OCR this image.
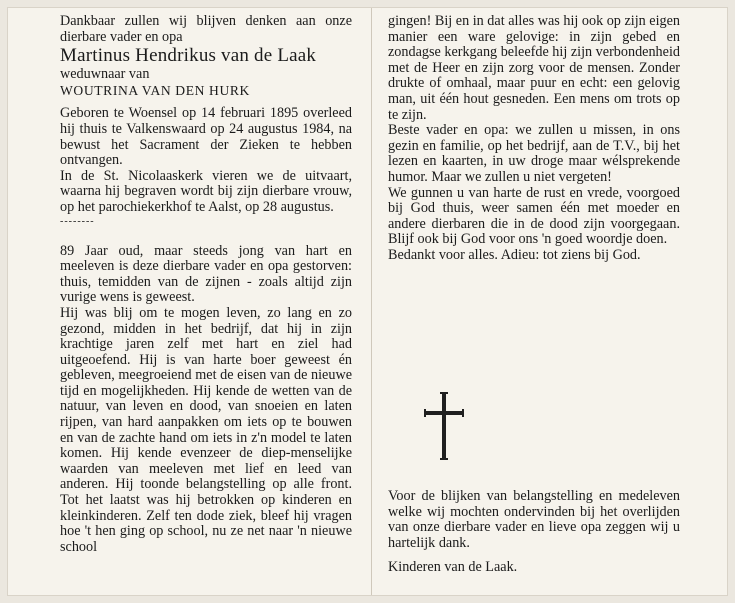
Dankbaar zullen wij blijven denken aan onze dierbare vader en opa

Martinus Hendrikus van de Laak

weduwnaar van

WOUTRINA VAN DEN HURK

Geboren te Woensel op 14 februari 1895 overleed hij thuis te Valkenswaard op 24 augustus 1984, na bewust het Sacrament der Zieken te hebben ontvangen.

In de St. Nicolaaskerk vieren we de uitvaart, waarna hij begraven wordt bij zijn dierbare vrouw, op het parochiekerkhof te Aalst, op 28 augustus.

--------

89 Jaar oud, maar steeds jong van hart en meeleven is deze dierbare vader en opa gestorven: thuis, temidden van de zijnen - zoals altijd zijn vurige wens is geweest.

Hij was blij om te mogen leven, zo lang en zo gezond, midden in het bedrijf, dat hij in zijn krachtige jaren zelf met hart en ziel had uitgeoefend. Hij is van harte boer geweest én gebleven, meegroeiend met de eisen van de nieuwe tijd en mogelijkheden. Hij kende de wetten van de natuur, van leven en dood, van snoeien en laten rijpen, van hard aanpakken om iets op te bouwen en van de zachte hand om iets in z'n model te laten komen. Hij kende evenzeer de diep-menselijke waarden van meeleven met lief en leed van anderen. Hij toonde belangstelling op alle front. Tot het laatst was hij betrokken op kinderen en kleinkinderen. Zelf ten dode ziek, bleef hij vragen hoe 't hen ging op school, nu ze net naar 'n nieuwe school

gingen! Bij en in dat alles was hij ook op zijn eigen manier een ware gelovige: in zijn gebed en zondagse kerkgang beleefde hij zijn verbondenheid met de Heer en zijn zorg voor de mensen. Zonder drukte of omhaal, maar puur en echt: een gelovig man, uit één hout gesneden. Een mens om trots op te zijn.

Beste vader en opa: we zullen u missen, in ons gezin en familie, op het bedrijf, aan de T.V., bij het lezen en kaarten, in uw droge maar wélsprekende humor. Maar we zullen u niet vergeten!

We gunnen u van harte de rust en vrede, voorgoed bij God thuis, weer samen één met moeder en andere dierbaren die in de dood zijn voorgegaan. Blijf ook bij God voor ons 'n goed woordje doen.

Bedankt voor alles. Adieu: tot ziens bij God.

Voor de blijken van belangstelling en medeleven welke wij mochten ondervinden bij het overlijden van onze dierbare vader en lieve opa zeggen wij u hartelijk dank.

Kinderen van de Laak.
